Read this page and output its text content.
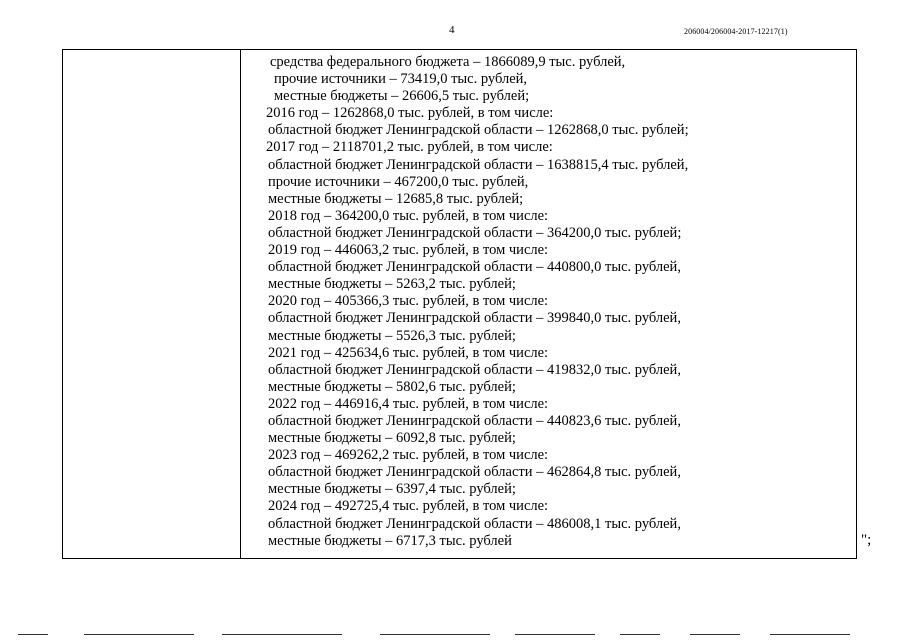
4	206004/206004-2017-12217(1)
средства федерального бюджета – 1866089,9 тыс. рублей,
прочие источники – 73419,0 тыс. рублей,
местные бюджеты – 26606,5 тыс. рублей;
2016 год – 1262868,0 тыс. рублей, в том числе:
областной бюджет Ленинградской области – 1262868,0 тыс. рублей;
2017 год – 2118701,2 тыс. рублей, в том числе:
областной бюджет Ленинградской области – 1638815,4 тыс. рублей,
прочие источники – 467200,0 тыс. рублей,
местные бюджеты – 12685,8 тыс. рублей;
2018 год – 364200,0 тыс. рублей, в том числе:
областной бюджет Ленинградской области – 364200,0 тыс. рублей;
2019 год – 446063,2 тыс. рублей, в том числе:
областной бюджет Ленинградской области – 440800,0 тыс. рублей,
местные бюджеты – 5263,2 тыс. рублей;
2020 год – 405366,3 тыс. рублей, в том числе:
областной бюджет Ленинградской области – 399840,0 тыс. рублей,
местные бюджеты – 5526,3 тыс. рублей;
2021 год – 425634,6 тыс. рублей, в том числе:
областной бюджет Ленинградской области – 419832,0 тыс. рублей,
местные бюджеты – 5802,6 тыс. рублей;
2022 год – 446916,4 тыс. рублей, в том числе:
областной бюджет Ленинградской области – 440823,6 тыс. рублей,
местные бюджеты – 6092,8 тыс. рублей;
2023 год – 469262,2 тыс. рублей, в том числе:
областной бюджет Ленинградской области – 462864,8 тыс. рублей,
местные бюджеты – 6397,4 тыс. рублей;
2024 год – 492725,4 тыс. рублей, в том числе:
областной бюджет Ленинградской области – 486008,1 тыс. рублей,
местные бюджеты – 6717,3 тыс. рублей	";
